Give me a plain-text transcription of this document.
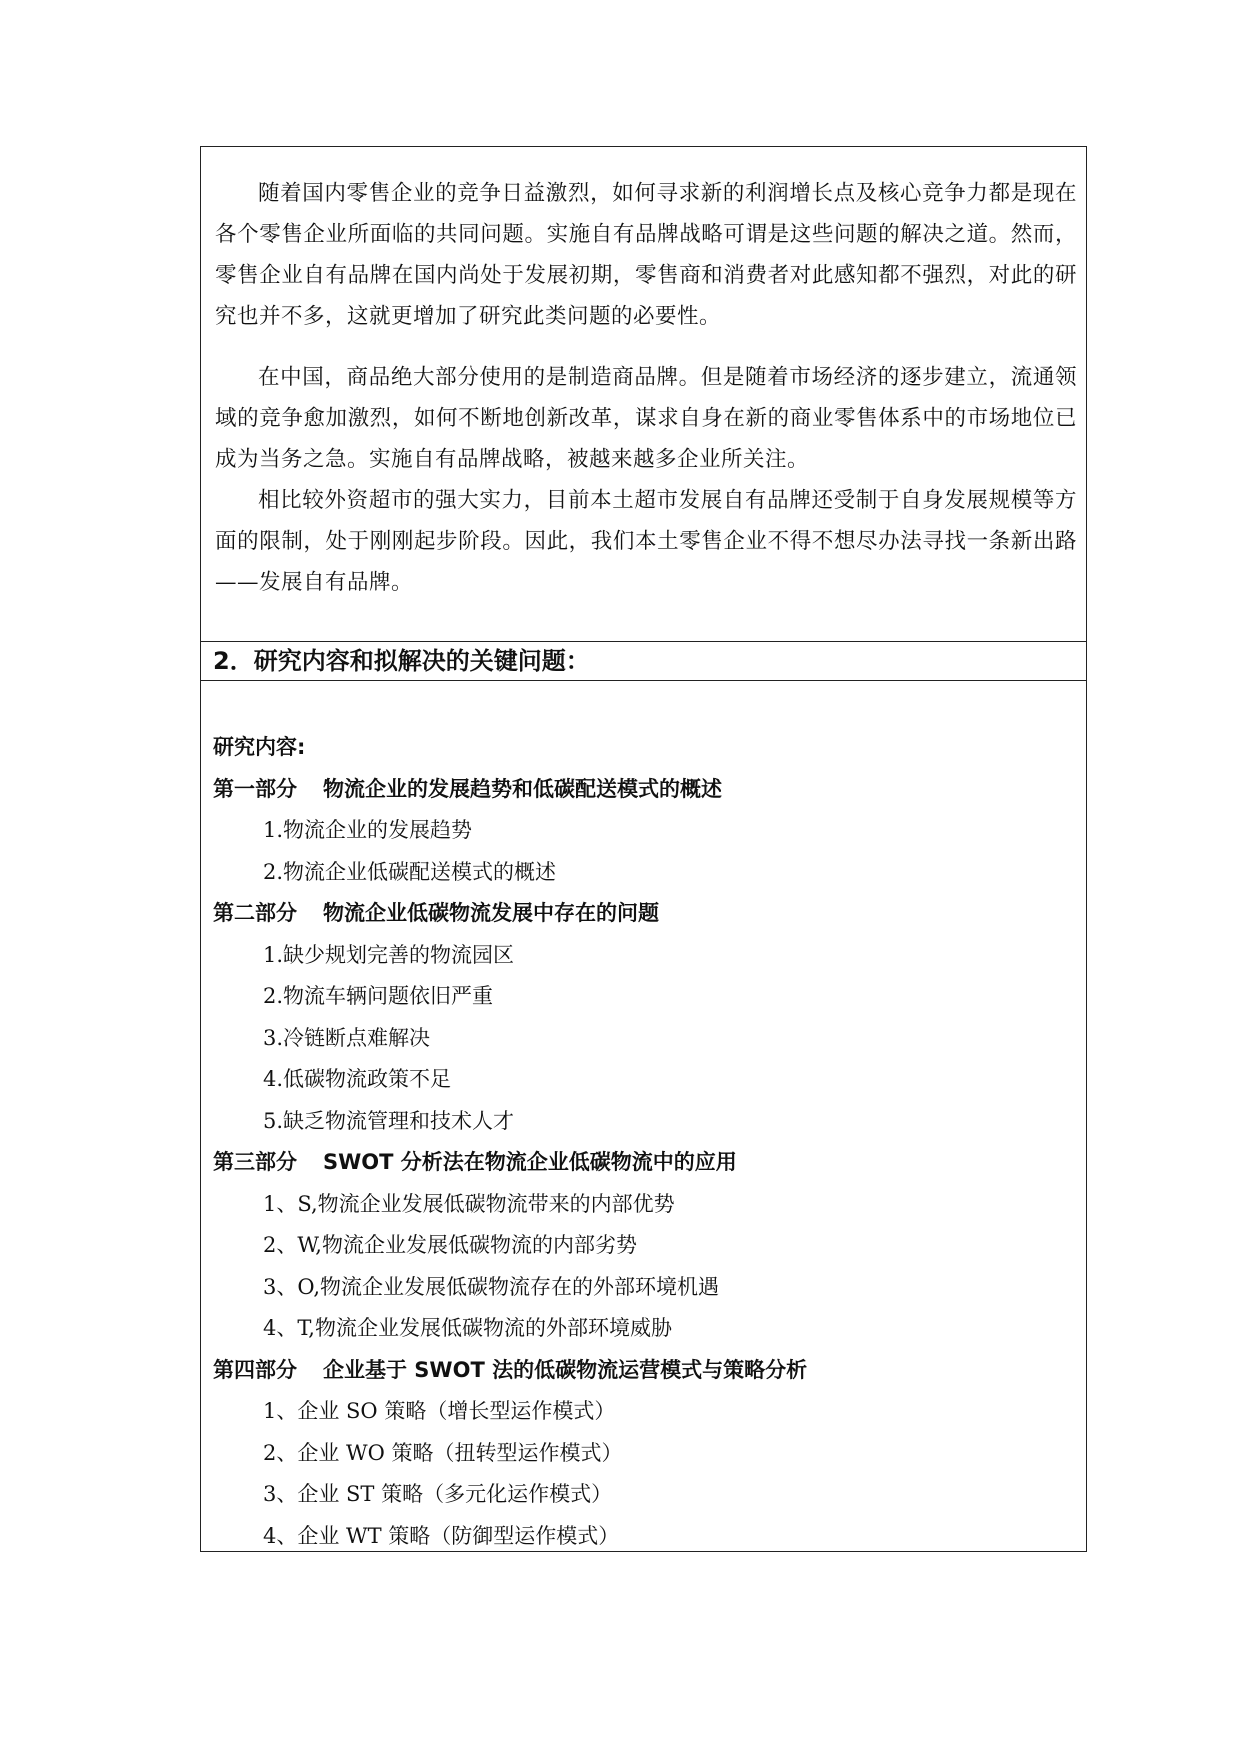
随着国内零售企业的竞争日益激烈，如何寻求新的利润增长点及核心竞争力都是现在各个零售企业所面临的共同问题。实施自有品牌战略可谓是这些问题的解决之道。然而，零售企业自有品牌在国内尚处于发展初期，零售商和消费者对此感知都不强烈，对此的研究也并不多，这就更增加了研究此类问题的必要性。

在中国，商品绝大部分使用的是制造商品牌。但是随着市场经济的逐步建立，流通领域的竞争愈加激烈，如何不断地创新改革，谋求自身在新的商业零售体系中的市场地位已成为当务之急。实施自有品牌战略，被越来越多企业所关注。

相比较外资超市的强大实力，目前本土超市发展自有品牌还受制于自身发展规模等方面的限制，处于刚刚起步阶段。因此，我们本土零售企业不得不想尽办法寻找一条新出路——发展自有品牌。

2．研究内容和拟解决的关键问题：
研究内容:
第一部分 物流企业的发展趋势和低碳配送模式的概述
1.物流企业的发展趋势
2.物流企业低碳配送模式的概述
第二部分 物流企业低碳物流发展中存在的问题
1.缺少规划完善的物流园区
2.物流车辆问题依旧严重
3.冷链断点难解决
4.低碳物流政策不足
5.缺乏物流管理和技术人才
第三部分 SWOT 分析法在物流企业低碳物流中的应用
1、S,物流企业发展低碳物流带来的内部优势
2、W,物流企业发展低碳物流的内部劣势
3、O,物流企业发展低碳物流存在的外部环境机遇
4、T,物流企业发展低碳物流的外部环境威胁
第四部分 企业基于 SWOT 法的低碳物流运营模式与策略分析
1、企业 SO 策略（增长型运作模式）
2、企业 WO 策略（扭转型运作模式）
3、企业 ST 策略（多元化运作模式）
4、企业 WT 策略（防御型运作模式）
